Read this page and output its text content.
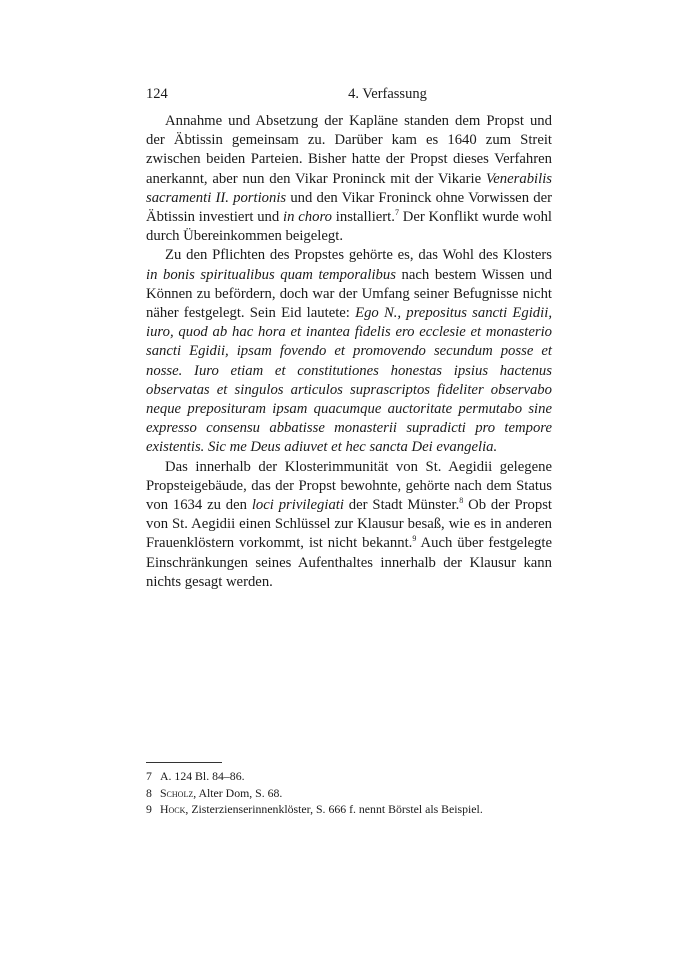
124	4. Verfassung

Annahme und Absetzung der Kapläne standen dem Propst und der Äbtissin gemeinsam zu. Darüber kam es 1640 zum Streit zwischen beiden Parteien. Bisher hatte der Propst dieses Verfahren anerkannt, aber nun den Vikar Proninck mit der Vikarie Venerabilis sacramenti II. portionis und den Vikar Froninck ohne Vorwissen der Äbtissin investiert und in choro installiert.$^7$ Der Konflikt wurde wohl durch Übereinkommen beigelegt.

Zu den Pflichten des Propstes gehörte es, das Wohl des Klosters in bonis spiritualibus quam temporalibus nach bestem Wissen und Können zu befördern, doch war der Umfang seiner Befugnisse nicht näher festgelegt. Sein Eid lautete: Ego N., prepositus sancti Egidii, iuro, quod ab hac hora et inantea fidelis ero ecclesie et monasterio sancti Egidii, ipsam fovendo et promovendo secundum posse et nosse. Iuro etiam et constitutiones honestas ipsius hactenus observatas et singulos articulos suprascriptos fideliter observabo neque preposituram ipsam quacumque auctoritate permutabo sine expresso consensu abbatisse monasterii supradicti pro tempore existentis. Sic me Deus adiuvet et hec sancta Dei evangelia.

Das innerhalb der Klosterimmunität von St. Aegidii gelegene Propsteigebäude, das der Propst bewohnte, gehörte nach dem Status von 1634 zu den loci privilegiati der Stadt Münster.$^8$ Ob der Propst von St. Aegidii einen Schlüssel zur Klausur besaß, wie es in anderen Frauenklöstern vorkommt, ist nicht bekannt.$^9$ Auch über festgelegte Einschränkungen seines Aufenthaltes innerhalb der Klausur kann nichts gesagt werden.

7 A. 124 Bl. 84–86.
8 Scholz, Alter Dom, S. 68.
9 Hock, Zisterzienserinnenklöster, S. 666 f. nennt Börstel als Beispiel.
